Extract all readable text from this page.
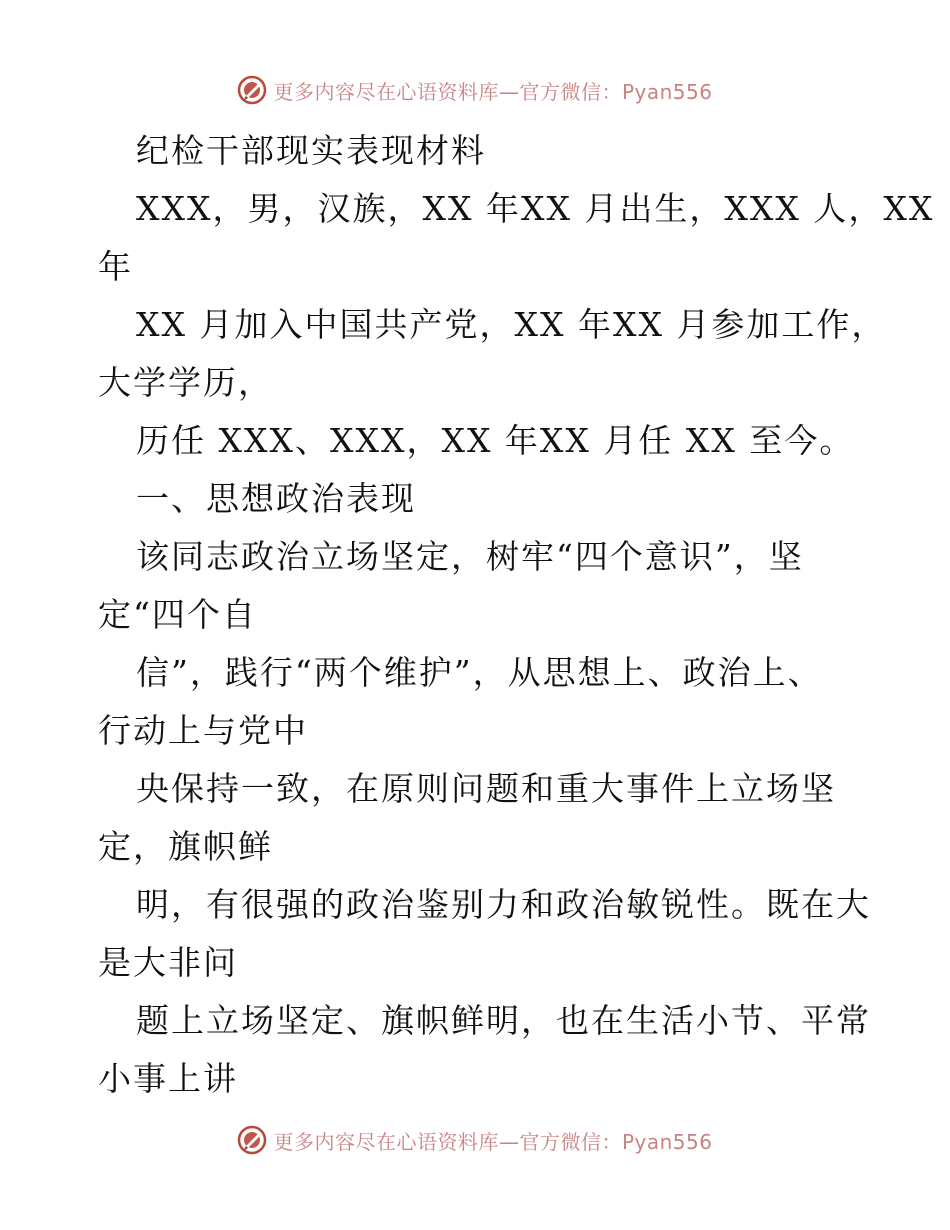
更多内容尽在心语资料库—官方微信：Pyan556
纪检干部现实表现材料
XXX，男，汉族，XX 年XX 月出生，XXX 人，XX
年
XX 月加入中国共产党，XX 年XX 月参加工作，
大学学历，
历任 XXX、XXX，XX 年XX 月任 XX 至今。
一、思想政治表现
该同志政治立场坚定，树牢“四个意识”，坚
定“四个自
信”，践行“两个维护”，从思想上、政治上、
行动上与党中
央保持一致，在原则问题和重大事件上立场坚
定，旗帜鲜
明，有很强的政治鉴别力和政治敏锐性。既在大
是大非问
题上立场坚定、旗帜鲜明，也在生活小节、平常
小事上讲
更多内容尽在心语资料库—官方微信：Pyan556
